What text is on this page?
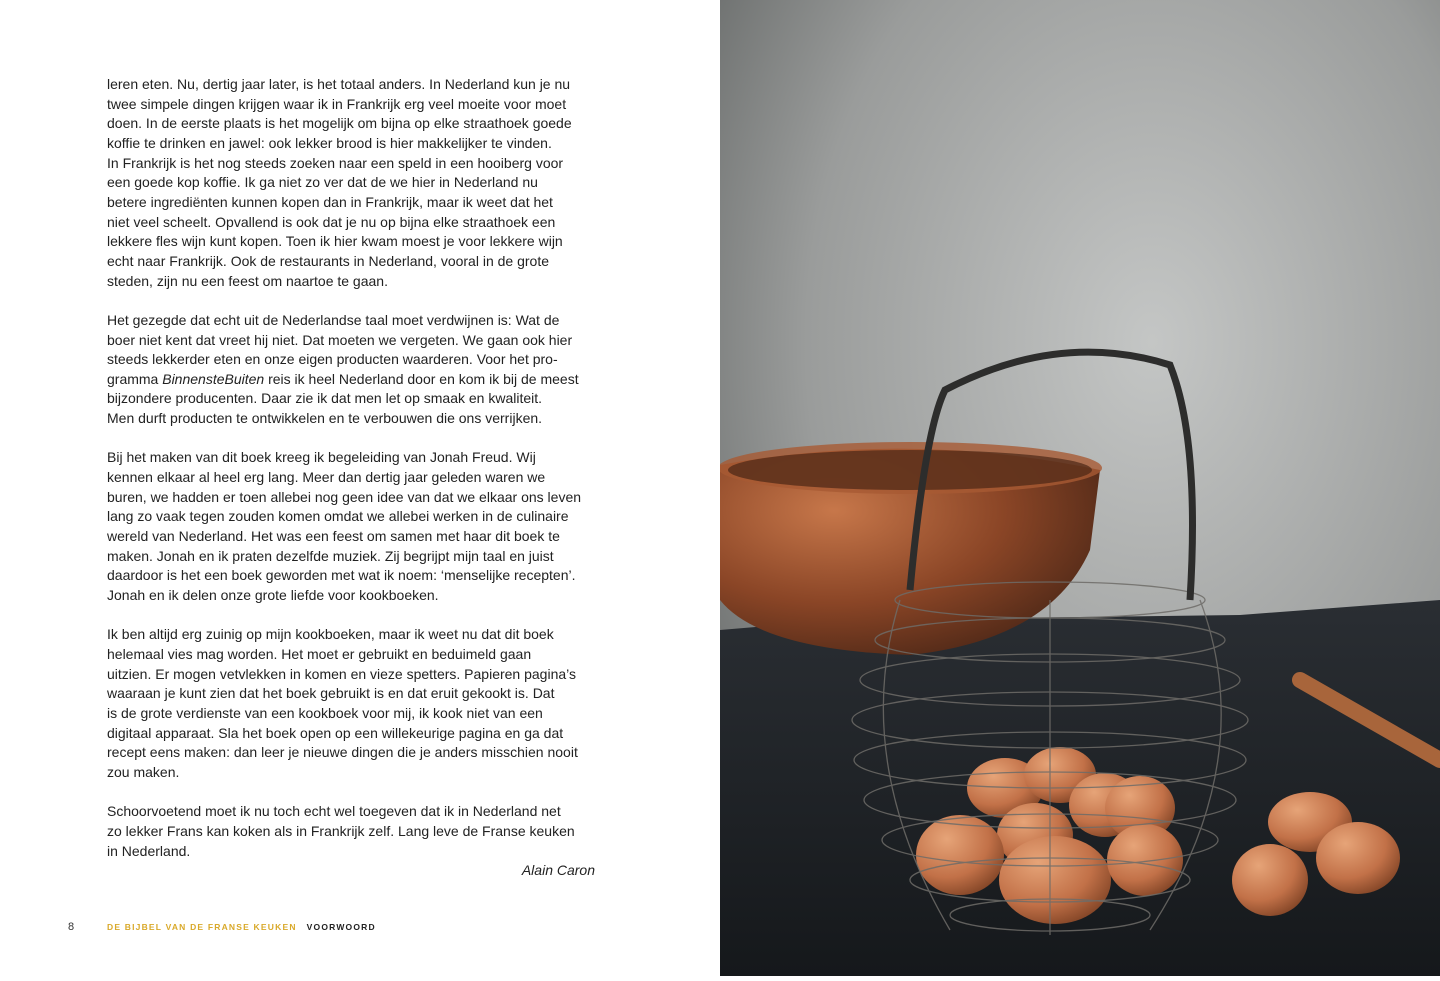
leren eten. Nu, dertig jaar later, is het totaal anders. In Nederland kun je nu
twee simpele dingen krijgen waar ik in Frankrijk erg veel moeite voor moet
doen. In de eerste plaats is het mogelijk om bijna op elke straathoek goede
koffie te drinken en jawel: ook lekker brood is hier makkelijker te vinden.
In Frankrijk is het nog steeds zoeken naar een speld in een hooiberg voor
een goede kop koffie. Ik ga niet zo ver dat de we hier in Nederland nu
betere ingrediënten kunnen kopen dan in Frankrijk, maar ik weet dat het
niet veel scheelt. Opvallend is ook dat je nu op bijna elke straathoek een
lekkere fles wijn kunt kopen. Toen ik hier kwam moest je voor lekkere wijn
echt naar Frankrijk. Ook de restaurants in Nederland, vooral in de grote
steden, zijn nu een feest om naartoe te gaan.
Het gezegde dat echt uit de Nederlandse taal moet verdwijnen is: Wat de
boer niet kent dat vreet hij niet. Dat moeten we vergeten. We gaan ook hier
steeds lekkerder eten en onze eigen producten waarderen. Voor het pro-
gramma BinnensteBuiten reis ik heel Nederland door en kom ik bij de meest
bijzondere producenten. Daar zie ik dat men let op smaak en kwaliteit.
Men durft producten te ontwikkelen en te verbouwen die ons verrijken.
Bij het maken van dit boek kreeg ik begeleiding van Jonah Freud. Wij
kennen elkaar al heel erg lang. Meer dan dertig jaar geleden waren we
buren, we hadden er toen allebei nog geen idee van dat we elkaar ons leven
lang zo vaak tegen zouden komen omdat we allebei werken in de culinaire
wereld van Nederland. Het was een feest om samen met haar dit boek te
maken. Jonah en ik praten dezelfde muziek. Zij begrijpt mijn taal en juist
daardoor is het een boek geworden met wat ik noem: ‘menselijke recepten’.
Jonah en ik delen onze grote liefde voor kookboeken.
Ik ben altijd erg zuinig op mijn kookboeken, maar ik weet nu dat dit boek
helemaal vies mag worden. Het moet er gebruikt en beduimeld gaan
uitzien. Er mogen vetvlekken in komen en vieze spetters. Papieren pagina’s
waaraan je kunt zien dat het boek gebruikt is en dat eruit gekookt is. Dat
is de grote verdienste van een kookboek voor mij, ik kook niet van een
digitaal apparaat. Sla het boek open op een willekeurige pagina en ga dat
recept eens maken: dan leer je nieuwe dingen die je anders misschien nooit
zou maken.
Schoorvoetend moet ik nu toch echt wel toegeven dat ik in Nederland net
zo lekker Frans kan koken als in Frankrijk zelf. Lang leve de Franse keuken
in Nederland.
Alain Caron
8	DE BIJBEL VAN DE FRANSE KEUKEN VOORWOORD
